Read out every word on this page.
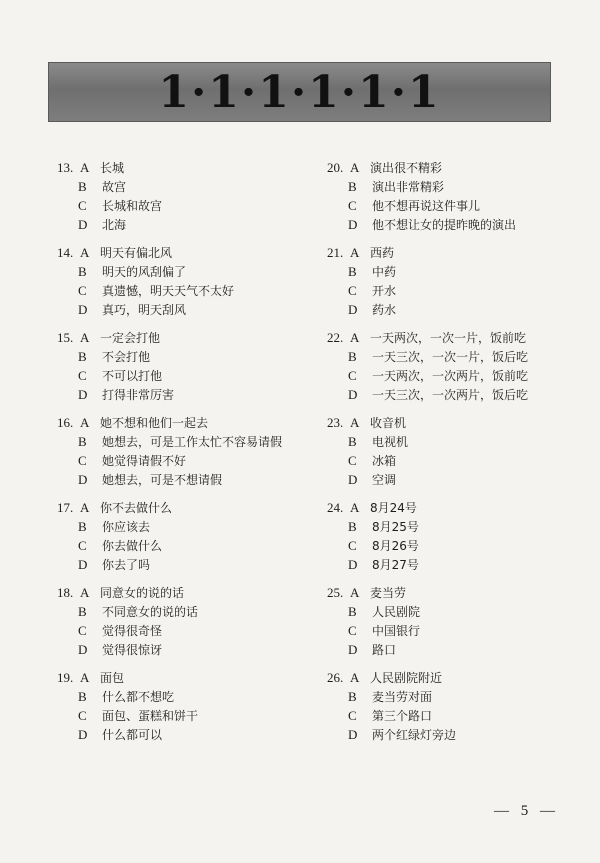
1·1·1·1·1·1
13 . A 长城
B	故宫
C	长城和故宫
D	北海
14 . A 明天有偏北风
B	明天的风刮偏了
C	真遗憾，明天天气不太好
D	真巧，明天刮风
15 . A 一定会打他
B	不会打他
C	不可以打他
D	打得非常厉害
16 . A 她不想和他们一起去
B	她想去，可是工作太忙不容易请假
C	她觉得请假不好
D	她想去，可是不想请假
17 . A 你不去做什么
B	你应该去
C	你去做什么
D	你去了吗
18 . A 同意女的说的话
B	不同意女的说的话
C	觉得很奇怪
D	觉得很惊讶
19 . A 面包
B	什么都不想吃
C	面包、蛋糕和饼干
D	什么都可以
20 . A 演出很不精彩
B	演出非常精彩
C	他不想再说这件事儿
D	他不想让女的提昨晚的演出
21 . A 西药
B	中药
C	开水
D	药水
22 . A 一天两次，一次一片，饭前吃
B	一天三次，一次一片，饭后吃
C	一天两次，一次两片，饭前吃
D	一天三次，一次两片，饭后吃
23 . A 收音机
B	电视机
C	冰箱
D	空调
24 . A 8月24号
B	8月25号
C	8月26号
D	8月27号
25 . A 麦当劳
B	人民剧院
C	中国银行
D	路口
26 . A 人民剧院附近
B	麦当劳对面
C	第三个路口
D	两个红绿灯旁边
— 5 —
